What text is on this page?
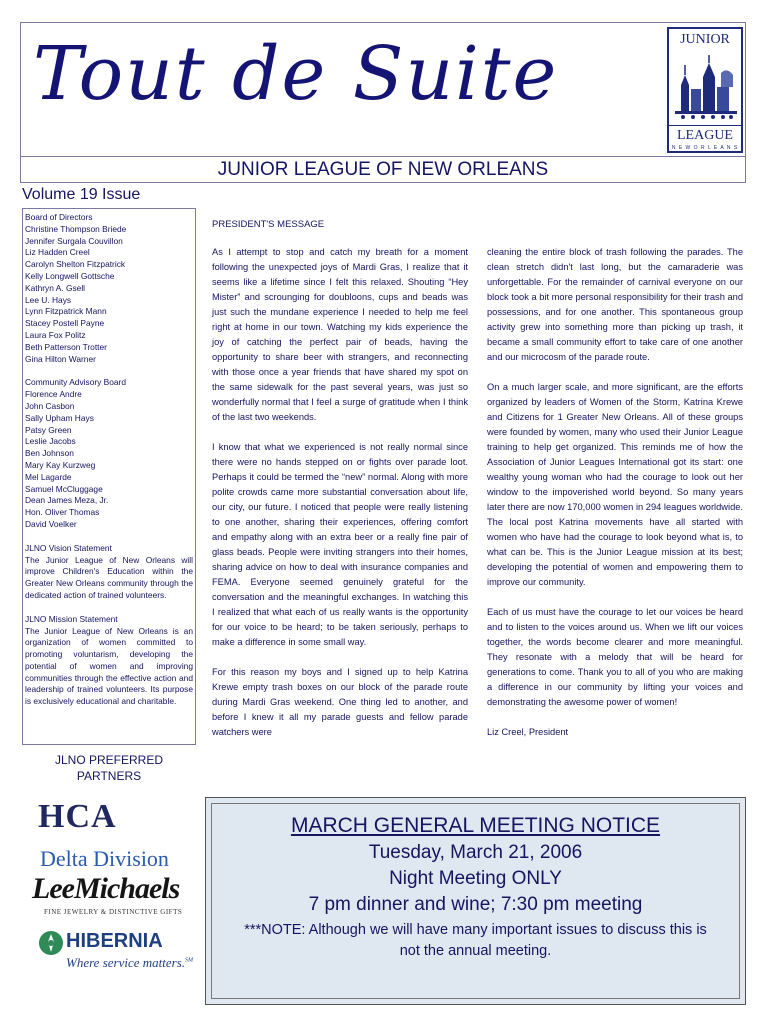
Tout de Suite	JUNIOR
LEAGUE
N E W O R L E A N S
JUNIOR LEAGUE OF NEW ORLEANS
Volume 19 Issue
Board of Directors
Christine Thompson Briede
Jennifer Surgala Couvillon
Liz Hadden Creel
Carolyn Shelton Fitzpatrick
Kelly Longwell Gottsche
Kathryn A. Gsell
Lee U. Hays
Lynn Fitzpatrick Mann
Stacey Postell Payne
Laura Fox Politz
Beth Patterson Trotter
Gina Hilton Warner
Community Advisory Board
Florence Andre
John Casbon
Sally Upham Hays
Patsy Green
Leslie Jacobs
Ben Johnson
Mary Kay Kurzweg
Mel Lagarde
Samuel McCluggage
Dean James Meza, Jr.
Hon. Oliver Thomas
David Voelker
JLNO Vision Statement
The Junior League of New Orleans will improve Children's Education within the Greater New Orleans community through the dedicated action of trained volunteers.
JLNO Mission Statement
The Junior League of New Orleans is an organization of women committed to promoting voluntarism, developing the potential of women and improving communities through the effective action and leadership of trained volunteers. Its purpose is exclusively educational and charitable.
JLNO PREFERRED
PARTNERS
HCA
Delta Division
LeeMichaels
FINE JEWELRY & DISTINCTIVE GIFTS
HIBERNIA
Where service matters.℠
PRESIDENT'S MESSAGE

As I attempt to stop and catch my breath for a moment following the unexpected joys of Mardi Gras, I realize that it seems like a lifetime since I felt this relaxed. Shouting “Hey Mister” and scrounging for doubloons, cups and beads was just such the mundane experience I needed to help me feel right at home in our town. Watching my kids experience the joy of catching the perfect pair of beads, having the opportunity to share beer with strangers, and reconnecting with those once a year friends that have shared my spot on the same sidewalk for the past several years, was just so wonderfully normal that I feel a surge of gratitude when I think of the last two weekends.

I know that what we experienced is not really normal since there were no hands stepped on or fights over parade loot. Perhaps it could be termed the “new” normal. Along with more polite crowds came more substantial conversation about life, our city, our future. I noticed that people were really listening to one another, sharing their experiences, offering comfort and empathy along with an extra beer or a really fine pair of glass beads. People were inviting strangers into their homes, sharing advice on how to deal with insurance companies and FEMA. Everyone seemed genuinely grateful for the conversation and the meaningful exchanges. In watching this I realized that what each of us really wants is the opportunity for our voice to be heard; to be taken seriously, perhaps to make a difference in some small way.

For this reason my boys and I signed up to help Katrina Krewe empty trash boxes on our block of the parade route during Mardi Gras weekend. One thing led to another, and before I knew it all my parade guests and fellow parade watchers were

cleaning the entire block of trash following the parades. The clean stretch didn't last long, but the camaraderie was unforgettable. For the remainder of carnival everyone on our block took a bit more personal responsibility for their trash and possessions, and for one another. This spontaneous group activity grew into something more than picking up trash, it became a small community effort to take care of one another and our microcosm of the parade route.

On a much larger scale, and more significant, are the efforts organized by leaders of Women of the Storm, Katrina Krewe and Citizens for 1 Greater New Orleans. All of these groups were founded by women, many who used their Junior League training to help get organized. This reminds me of how the Association of Junior Leagues International got its start: one wealthy young woman who had the courage to look out her window to the impoverished world beyond. So many years later there are now 170,000 women in 294 leagues worldwide. The local post Katrina movements have all started with women who have had the courage to look beyond what is, to what can be. This is the Junior League mission at its best; developing the potential of women and empowering them to improve our community.

Each of us must have the courage to let our voices be heard and to listen to the voices around us. When we lift our voices together, the words become clearer and more meaningful. They resonate with a melody that will be heard for generations to come. Thank you to all of you who are making a difference in our community by lifting your voices and demonstrating the awesome power of women!

Liz Creel, President

MARCH GENERAL MEETING NOTICE
Tuesday, March 21, 2006
Night Meeting ONLY
7 pm dinner and wine; 7:30 pm meeting
***NOTE: Although we will have many important issues to discuss this is not the annual meeting.
